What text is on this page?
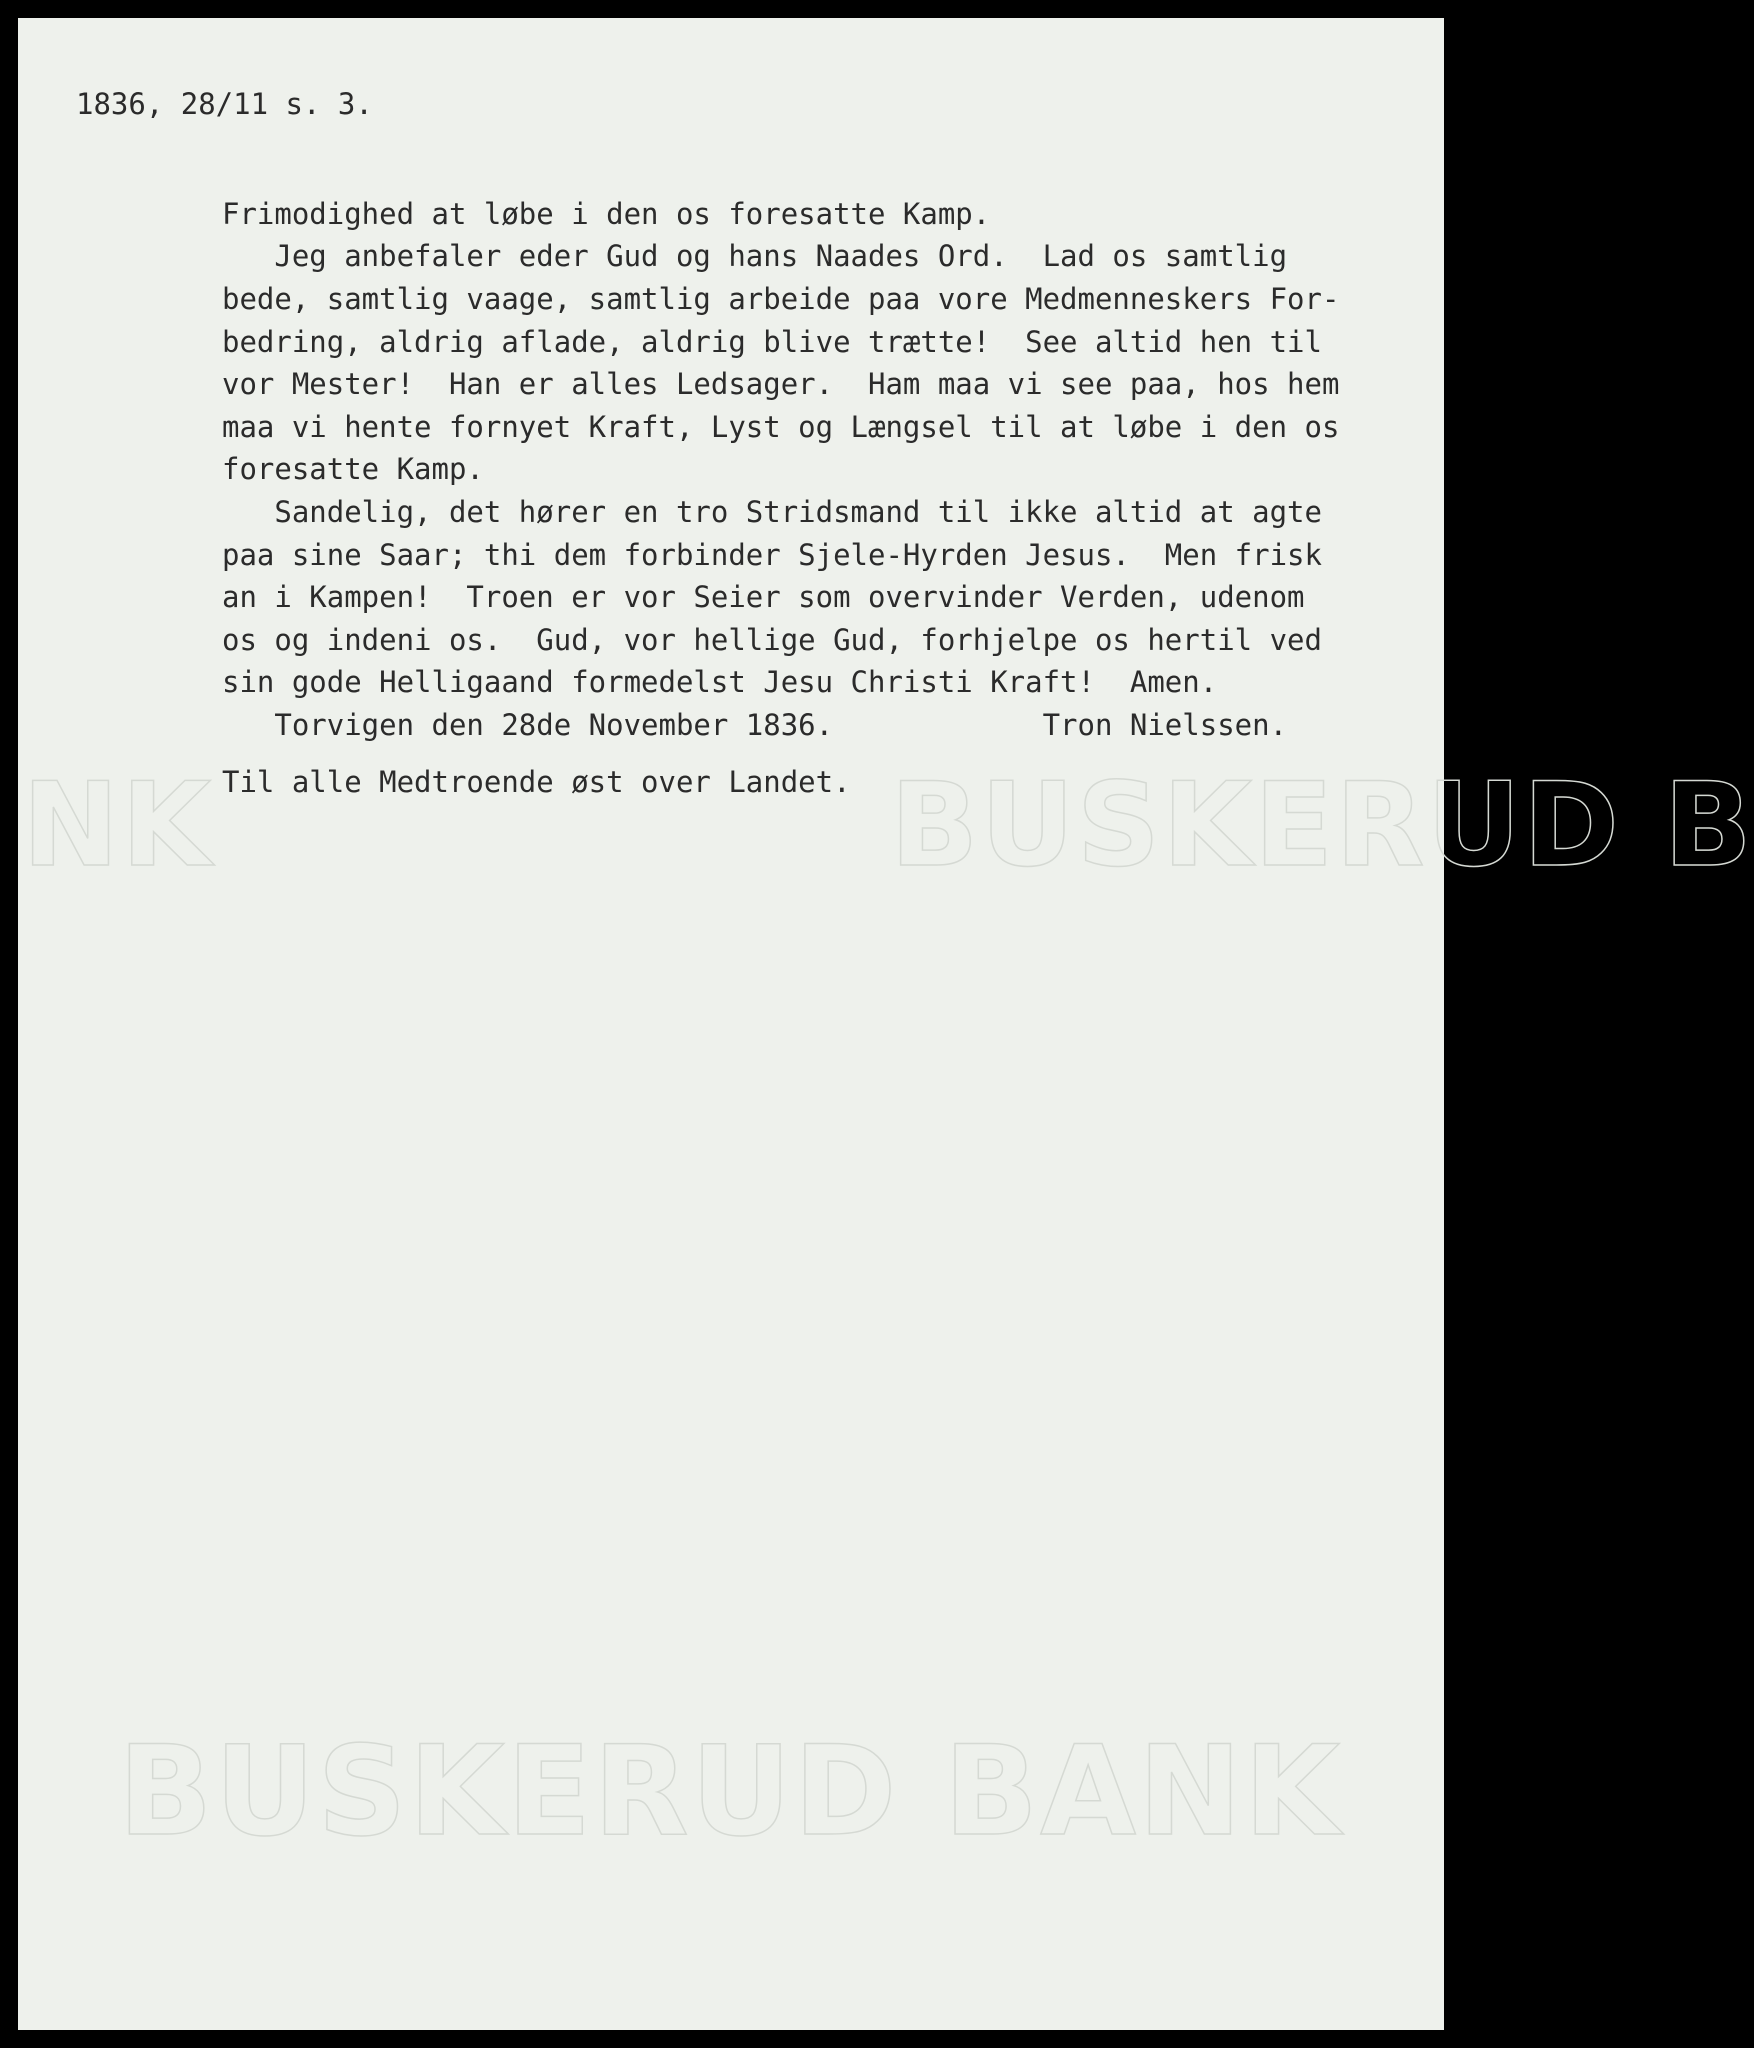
BUSKERUD B
NK
BUSKERUD BANK
1836, 28/11 s. 3.
Frimodighed at løbe i den os foresatte Kamp.
Jeg anbefaler eder Gud og hans Naades Ord.  Lad os samtlig
bede, samtlig vaage, samtlig arbeide paa vore Medmenneskers For-
bedring, aldrig aflade, aldrig blive trætte!  See altid hen til
vor Mester!  Han er alles Ledsager.  Ham maa vi see paa, hos hem
maa vi hente fornyet Kraft, Lyst og Længsel til at løbe i den os
foresatte Kamp.
Sandelig, det hører en tro Stridsmand til ikke altid at agte
paa sine Saar; thi dem forbinder Sjele-Hyrden Jesus.  Men frisk
an i Kampen!  Troen er vor Seier som overvinder Verden, udenom
os og indeni os.  Gud, vor hellige Gud, forhjelpe os hertil ved
sin gode Helligaand formedelst Jesu Christi Kraft!  Amen.
Torvigen den 28de November 1836.            Tron Nielssen.
Til alle Medtroende øst over Landet.
